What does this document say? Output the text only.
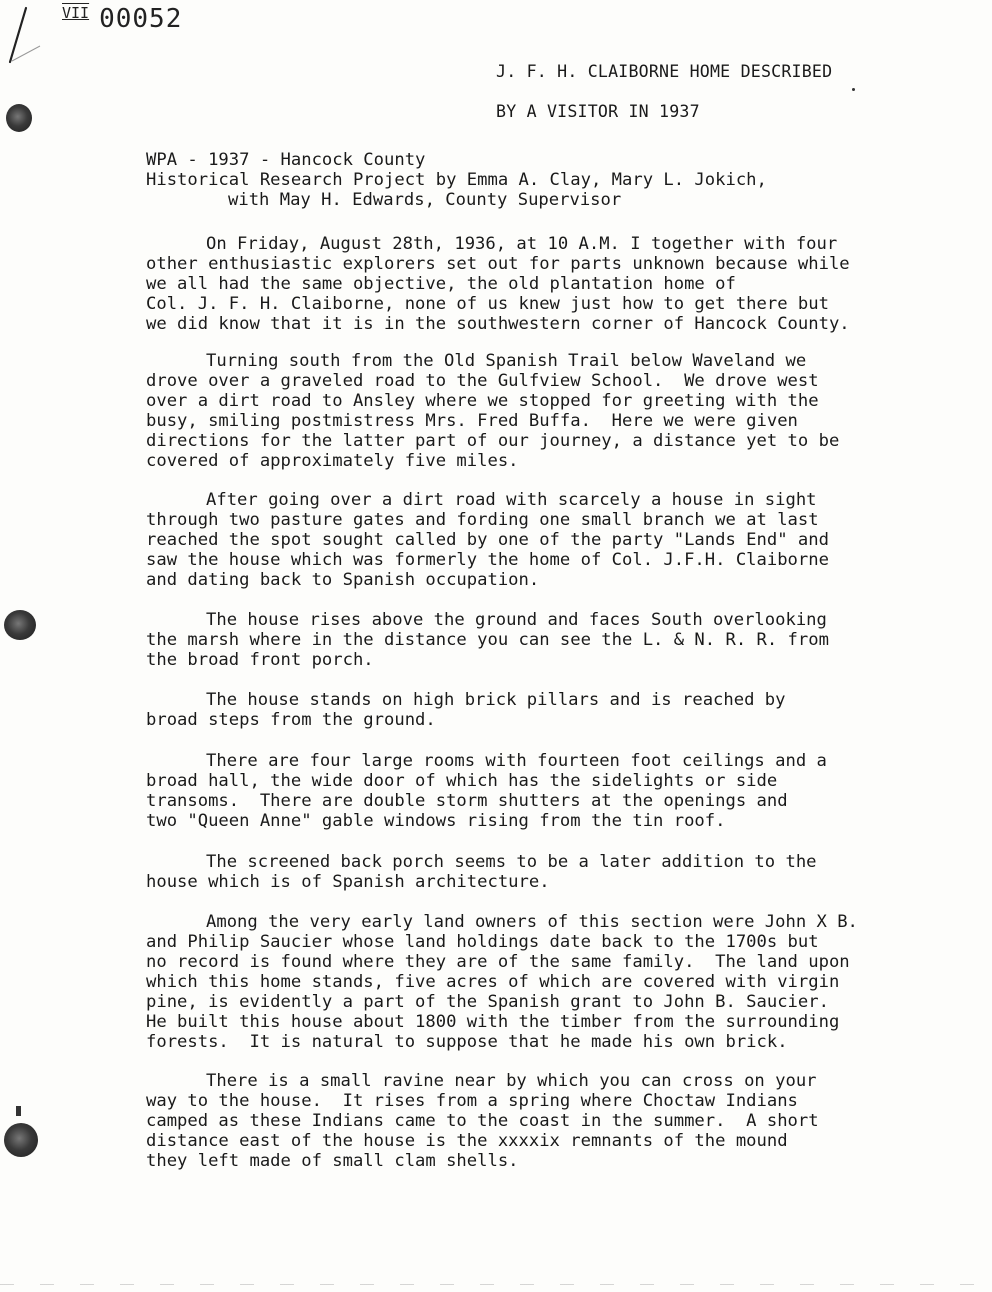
VII 00052
J. F. H. CLAIBORNE HOME DESCRIBED
BY A VISITOR IN 1937
WPA - 1937 - Hancock County
Historical Research Project by Emma A. Clay, Mary L. Jokich,
with May H. Edwards, County Supervisor
On Friday, August 28th, 1936, at 10 A.M. I together with four
other enthusiastic explorers set out for parts unknown because while
we all had the same objective, the old plantation home of
Col. J. F. H. Claiborne, none of us knew just how to get there but
we did know that it is in the southwestern corner of Hancock County.
Turning south from the Old Spanish Trail below Waveland we
drove over a graveled road to the Gulfview School.  We drove west
over a dirt road to Ansley where we stopped for greeting with the
busy, smiling postmistress Mrs. Fred Buffa.  Here we were given
directions for the latter part of our journey, a distance yet to be
covered of approximately five miles.
After going over a dirt road with scarcely a house in sight
through two pasture gates and fording one small branch we at last
reached the spot sought called by one of the party "Lands End" and
saw the house which was formerly the home of Col. J.F.H. Claiborne
and dating back to Spanish occupation.
The house rises above the ground and faces South overlooking
the marsh where in the distance you can see the L. & N. R. R. from
the broad front porch.
The house stands on high brick pillars and is reached by
broad steps from the ground.
There are four large rooms with fourteen foot ceilings and a
broad hall, the wide door of which has the sidelights or side
transoms.  There are double storm shutters at the openings and
two "Queen Anne" gable windows rising from the tin roof.
The screened back porch seems to be a later addition to the
house which is of Spanish architecture.
Among the very early land owners of this section were John X B.
and Philip Saucier whose land holdings date back to the 1700s but
no record is found where they are of the same family.  The land upon
which this home stands, five acres of which are covered with virgin
pine, is evidently a part of the Spanish grant to John B. Saucier.
He built this house about 1800 with the timber from the surrounding
forests.  It is natural to suppose that he made his own brick.
There is a small ravine near by which you can cross on your
way to the house.  It rises from a spring where Choctaw Indians
camped as these Indians came to the coast in the summer.  A short
distance east of the house is the xxxxix remnants of the mound
they left made of small clam shells.
